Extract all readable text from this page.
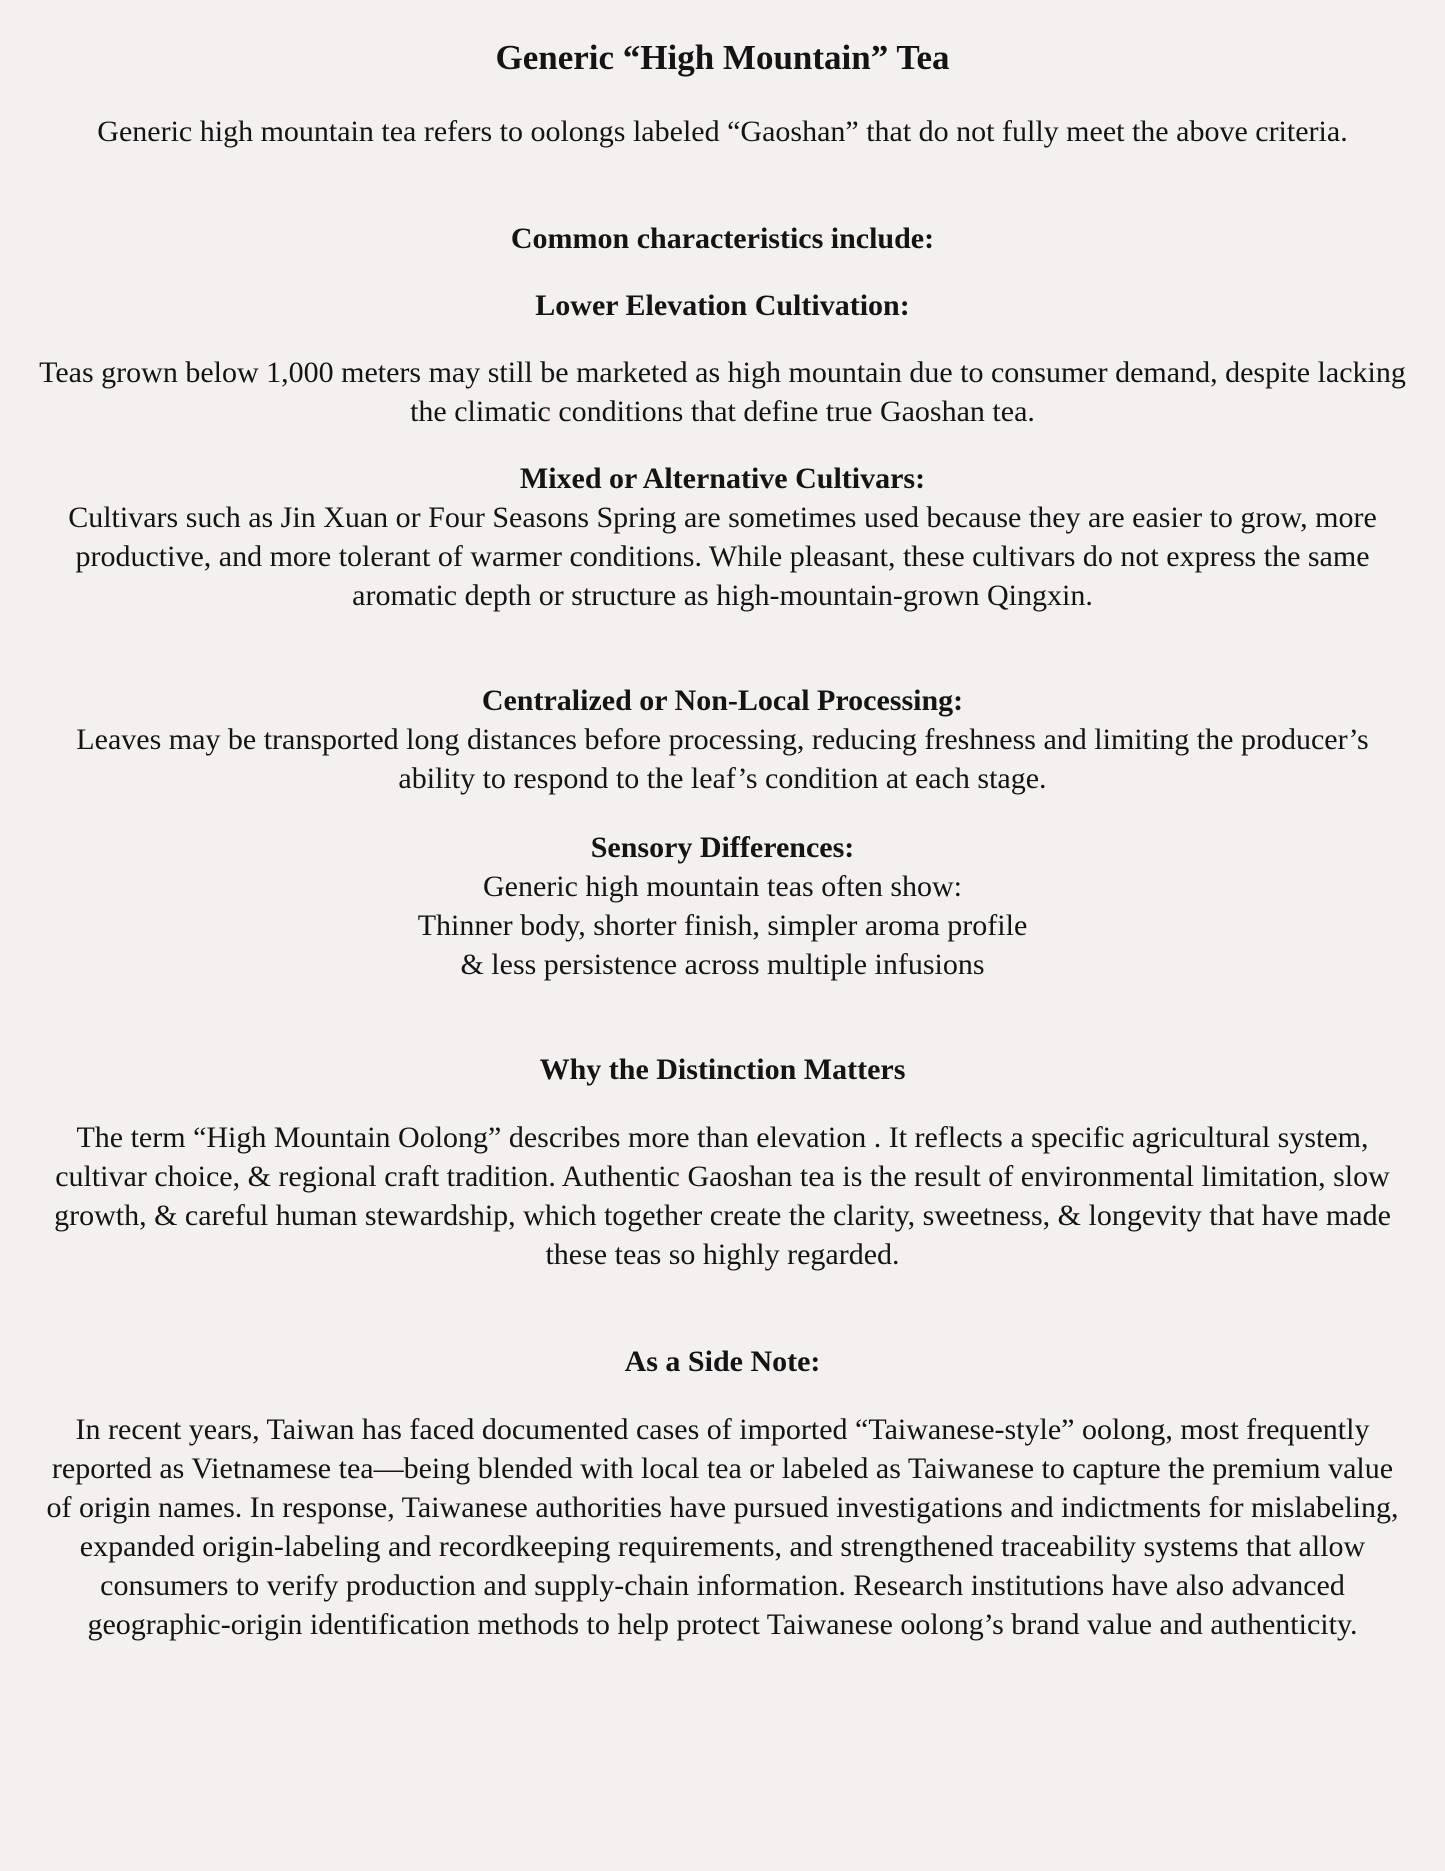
Generic “High Mountain” Tea

Generic high mountain tea refers to oolongs labeled “Gaoshan” that do not fully meet the above criteria.

Common characteristics include:
Lower Elevation Cultivation:

Teas grown below 1,000 meters may still be marketed as high mountain due to consumer demand, despite lacking the climatic conditions that define true Gaoshan tea.

Mixed or Alternative Cultivars:
Cultivars such as Jin Xuan or Four Seasons Spring are sometimes used because they are easier to grow, more productive, and more tolerant of warmer conditions. While pleasant, these cultivars do not express the same aromatic depth or structure as high-mountain-grown Qingxin.
Centralized or Non-Local Processing:
Leaves may be transported long distances before processing, reducing freshness and limiting the producer’s ability to respond to the leaf’s condition at each stage.
Sensory Differences:
Generic high mountain teas often show:
Thinner body, shorter finish, simpler aroma profile
& less persistence across multiple infusions
Why the Distinction Matters

The term “High Mountain Oolong” describes more than elevation . It reflects a specific agricultural system, cultivar choice, & regional craft tradition. Authentic Gaoshan tea is the result of environmental limitation, slow growth, & careful human stewardship, which together create the clarity, sweetness, & longevity that have made these teas so highly regarded.

As a Side Note:

In recent years, Taiwan has faced documented cases of imported “Taiwanese-style” oolong, most frequently reported as Vietnamese tea—being blended with local tea or labeled as Taiwanese to capture the premium value of origin names. In response, Taiwanese authorities have pursued investigations and indictments for mislabeling, expanded origin-labeling and recordkeeping requirements, and strengthened traceability systems that allow consumers to verify production and supply-chain information. Research institutions have also advanced geographic-origin identification methods to help protect Taiwanese oolong’s brand value and authenticity.
